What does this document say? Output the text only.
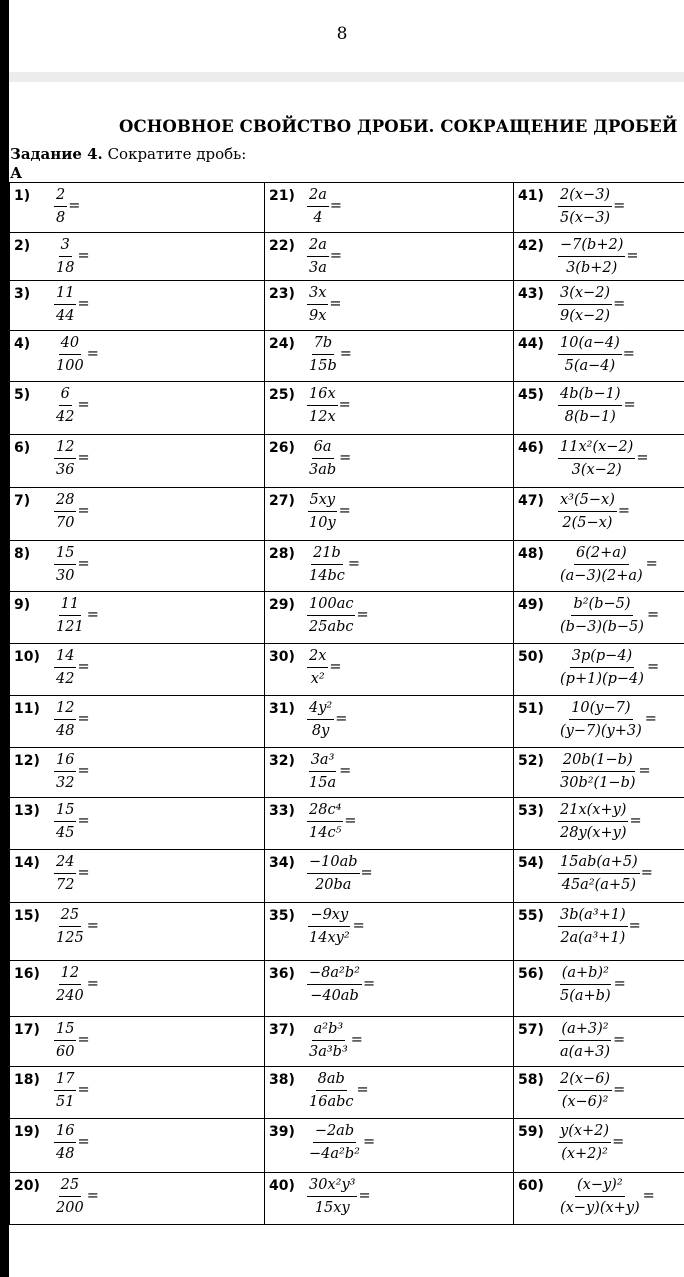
8
ОСНОВНОЕ СВОЙСТВО ДРОБИ. СОКРАЩЕНИЕ ДРОБЕЙ
Задание 4. Сократите дробь:
А
$1) \frac{2}{8}$ =	$21) \frac{2a}{4}$ =	$41) \frac{2(x-3)}{5(x-3)}$ =
$2) \frac{3}{18}$ =	$22) \frac{2a}{3a}$ =	$42) \frac{-7(b+2)}{3(b+2)}$ =
$3) \frac{11}{44}$ =	$23) \frac{3x}{9x}$ =	$43) \frac{3(x-2)}{9(x-2)}$ =
$4) \frac{40}{100}$ =	$24) \frac{7b}{15b}$ =	$44) \frac{10(a-4)}{5(a-4)}$ =
$5) \frac{6}{42}$ =	$25) \frac{16x}{12x}$ =	$45) \frac{4b(b-1)}{8(b-1)}$ =
$6) \frac{12}{36}$ =	$26) \frac{6a}{3ab}$ =	$46) \frac{\text{11x²(x−2)}}{3(x-2)}$ =
$7) \frac{28}{70}$ =	$27) \frac{5xy}{10y}$ =	$47) \frac{\text{x³(5−x)}}{2(5-x)}$ =
$8) \frac{15}{30}$ =	$28) \frac{21b}{14bc}$ =	$48) \frac{6(2+a)}{(a-3)(2+a)}$ =
$9) \frac{11}{121}$ =	$29) \frac{100ac}{\text{25abc}}$ =	$49) \frac{\text{b²(b−5)}}{(b-3)(b-5)}$ =
$10) \frac{14}{42}$ =	$30) \frac{2x}{\text{x²}}$ =	$50) \frac{3p(p-4)}{(p+1)(p-4)}$ =
$11) \frac{12}{48}$ =	$31) \frac{\text{4y²}}{8y}$ =	$51) \frac{10(y-7)}{(y-7)(y+3)}$ =
$12) \frac{16}{32}$ =	$32) \frac{\text{3a³}}{15a}$ =	$52) \frac{20b(1-b)}{\text{30b²(1−b)}}$ =
$13) \frac{15}{45}$ =	$33) \frac{\text{28c⁴}}{\text{14c⁵}}$ =	$53) \frac{21x(x+y)}{28y(x+y)}$ =
$14) \frac{24}{72}$ =	$34) \frac{-10ab}{20ba}$ =	$54) \frac{15ab(a+5)}{\text{45a²(a+5)}}$ =
$15) \frac{25}{125}$ =	$35) \frac{-9xy}{\text{14xy²}}$ =	$55) \frac{\text{3b(a³+1)}}{\text{2a(a³+1)}}$ =
$16) \frac{12}{240}$ =	$36) \frac{\text{−8a²b²}}{-40ab}$ =	$56) \frac{\text{(a+b)²}}{5(a+b)}$ =
$17) \frac{15}{60}$ =	$37) \frac{\text{a²b³}}{\text{3a³b³}}$ =	$57) \frac{\text{(a+3)²}}{a(a+3)}$ =
$18) \frac{17}{51}$ =	$38) \frac{8ab}{\text{16abc}}$ =	$58) \frac{2(x-6)}{\text{(x−6)²}}$ =
$19) \frac{16}{48}$ =	$39) \frac{-2ab}{\text{−4a²b²}}$ =	$59) \frac{y(x+2)}{\text{(x+2)²}}$ =
$20) \frac{25}{200}$ =	$40) \frac{\text{30x²y³}}{15xy}$ =	$60) \frac{\text{(x−y)²}}{(x-y)(x+y)}$ =
